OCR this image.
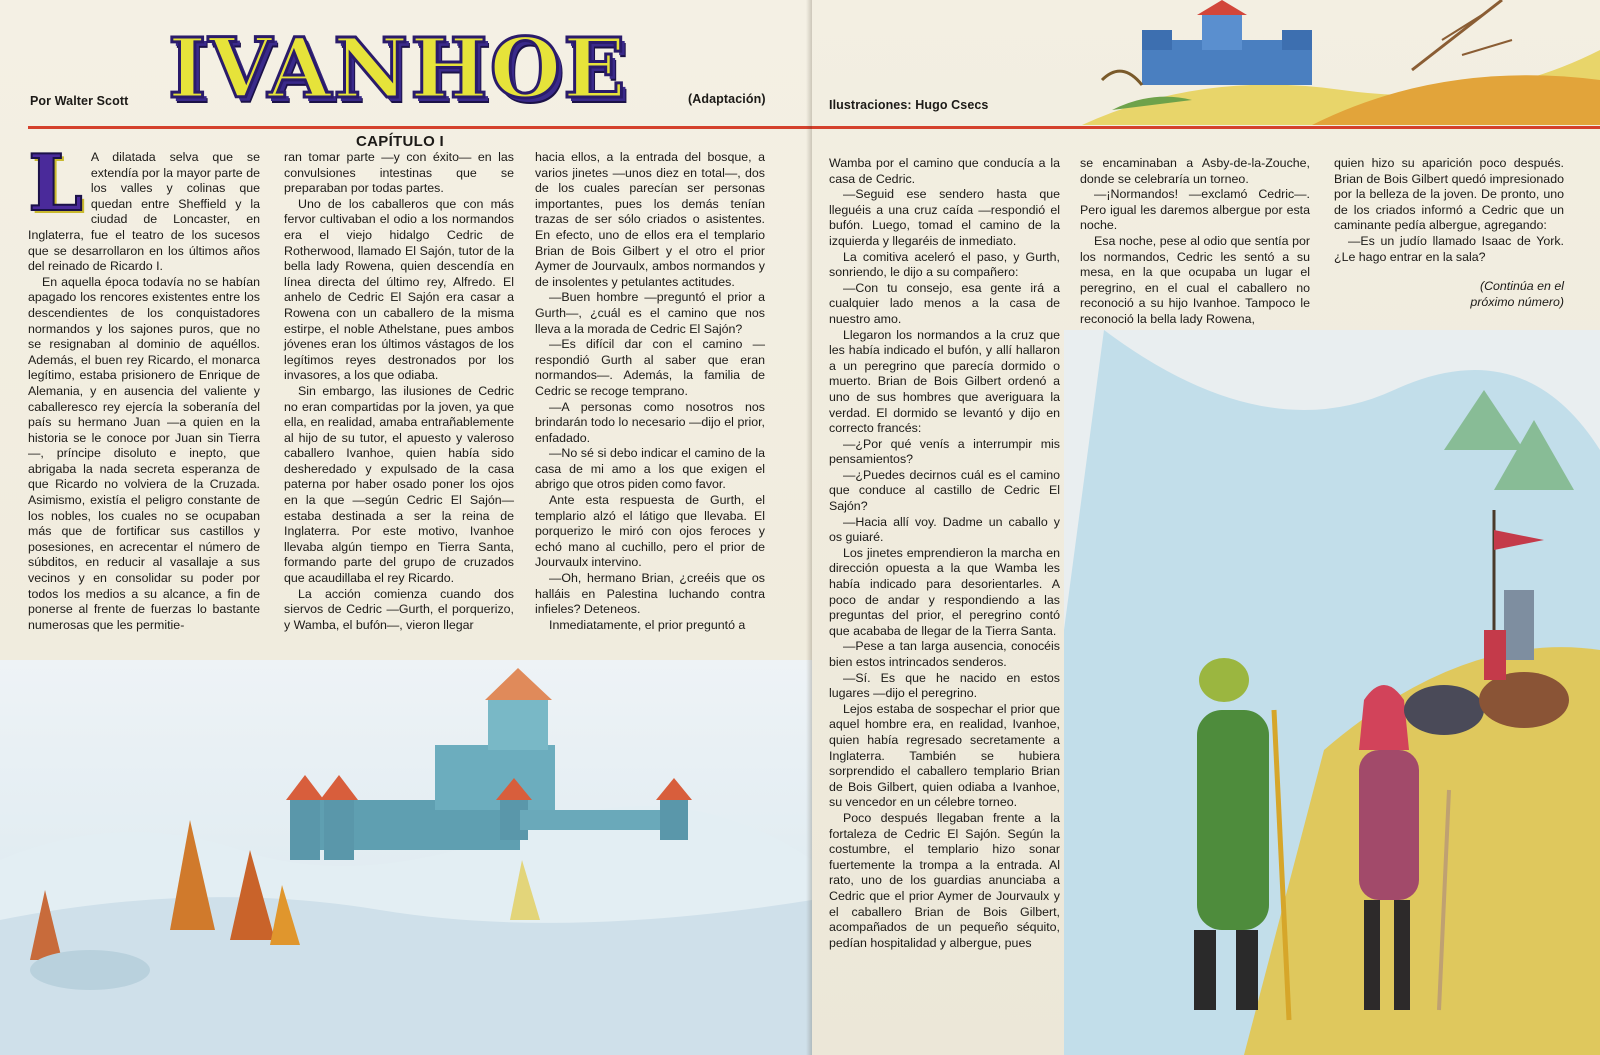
Por Walter Scott IVANHOE	(Adaptación)
CAPÍTULO I

L A dilatada selva que se extendía por la mayor parte de los valles y colinas que quedan entre Sheffield y la ciudad de Loncaster, en Inglaterra, fue el teatro de los sucesos que se desarrollaron en los últimos años del reinado de Ricardo I.

En aquella época todavía no se habían apagado los rencores existentes entre los descendientes de los conquistadores normandos y los sajones puros, que no se resignaban al dominio de aquéllos. Además, el buen rey Ricardo, el monarca legítimo, estaba prisionero de Enrique de Alemania, y en ausencia del valiente y caballeresco rey ejercía la soberanía del país su hermano Juan —a quien en la historia se le conoce por Juan sin Tierra—, príncipe disoluto e inepto, que abrigaba la nada secreta esperanza de que Ricardo no volviera de la Cruzada. Asimismo, existía el peligro constante de los nobles, los cuales no se ocupaban más que de fortificar sus castillos y posesiones, en acrecentar el número de súbditos, en reducir al vasallaje a sus vecinos y en consolidar su poder por todos los medios a su alcance, a fin de ponerse al frente de fuerzas lo bastante numerosas que les permitie-

ran tomar parte —y con éxito— en las convulsiones intestinas que se preparaban por todas partes.

Uno de los caballeros que con más fervor cultivaban el odio a los normandos era el viejo hidalgo Cedric de Rotherwood, llamado El Sajón, tutor de la bella lady Rowena, quien descendía en línea directa del último rey, Alfredo. El anhelo de Cedric El Sajón era casar a Rowena con un caballero de la misma estirpe, el noble Athelstane, pues ambos jóvenes eran los últimos vástagos de los legítimos reyes destronados por los invasores, a los que odiaba.

Sin embargo, las ilusiones de Cedric no eran compartidas por la joven, ya que ella, en realidad, amaba entrañablemente al hijo de su tutor, el apuesto y valeroso caballero Ivanhoe, quien había sido desheredado y expulsado de la casa paterna por haber osado poner los ojos en la que —según Cedric El Sajón— estaba destinada a ser la reina de Inglaterra. Por este motivo, Ivanhoe llevaba algún tiempo en Tierra Santa, formando parte del grupo de cruzados que acaudillaba el rey Ricardo.

La acción comienza cuando dos siervos de Cedric —Gurth, el porquerizo, y Wamba, el bufón—, vieron llegar

hacia ellos, a la entrada del bosque, a varios jinetes —unos diez en total—, dos de los cuales parecían ser personas importantes, pues los demás tenían trazas de ser sólo criados o asistentes. En efecto, uno de ellos era el templario Brian de Bois Gilbert y el otro el prior Aymer de Jourvaulx, ambos normandos y de insolentes y petulantes actitudes.

—Buen hombre —preguntó el prior a Gurth—, ¿cuál es el camino que nos lleva a la morada de Cedric El Sajón?

—Es difícil dar con el camino —respondió Gurth al saber que eran normandos—. Además, la familia de Cedric se recoge temprano.

—A personas como nosotros nos brindarán todo lo necesario —dijo el prior, enfadado.

—No sé si debo indicar el camino de la casa de mi amo a los que exigen el abrigo que otros piden como favor.

Ante esta respuesta de Gurth, el templario alzó el látigo que llevaba. El porquerizo le miró con ojos feroces y echó mano al cuchillo, pero el prior de Jourvaulx intervino.

—Oh, hermano Brian, ¿creéis que os halláis en Palestina luchando contra infieles? Deteneos.

Inmediatamente, el prior preguntó a

Ilustraciones: Hugo Csecs

Wamba por el camino que conducía a la casa de Cedric.

—Seguid ese sendero hasta que lleguéis a una cruz caída —respondió el bufón. Luego, tomad el camino de la izquierda y llegaréis de inmediato.

La comitiva aceleró el paso, y Gurth, sonriendo, le dijo a su compañero:

—Con tu consejo, esa gente irá a cualquier lado menos a la casa de nuestro amo.

Llegaron los normandos a la cruz que les había indicado el bufón, y allí hallaron a un peregrino que parecía dormido o muerto. Brian de Bois Gilbert ordenó a uno de sus hombres que averiguara la verdad. El dormido se levantó y dijo en correcto francés:

—¿Por qué venís a interrumpir mis pensamientos?

—¿Puedes decirnos cuál es el camino que conduce al castillo de Cedric El Sajón?

—Hacia allí voy. Dadme un caballo y os guiaré.

Los jinetes emprendieron la marcha en dirección opuesta a la que Wamba les había indicado para desorientarles. A poco de andar y respondiendo a las preguntas del prior, el peregrino contó que acababa de llegar de la Tierra Santa.

—Pese a tan larga ausencia, conocéis bien estos intrincados senderos.

—Sí. Es que he nacido en estos lugares —dijo el peregrino.

Lejos estaba de sospechar el prior que aquel hombre era, en realidad, Ivanhoe, quien había regresado secretamente a Inglaterra. También se hubiera sorprendido el caballero templario Brian de Bois Gilbert, quien odiaba a Ivanhoe, su vencedor en un célebre torneo.

Poco después llegaban frente a la fortaleza de Cedric El Sajón. Según la costumbre, el templario hizo sonar fuertemente la trompa a la entrada. Al rato, uno de los guardias anunciaba a Cedric que el prior Aymer de Jourvaulx y el caballero Brian de Bois Gilbert, acompañados de un pequeño séquito, pedían hospitalidad y albergue, pues

se encaminaban a Asby-de-la-Zouche, donde se celebraría un torneo.

—¡Normandos! —exclamó Cedric—. Pero igual les daremos albergue por esta noche.

Esa noche, pese al odio que sentía por los normandos, Cedric les sentó a su mesa, en la que ocupaba un lugar el peregrino, en el cual el caballero no reconoció a su hijo Ivanhoe. Tampoco le reconoció la bella lady Rowena,

quien hizo su aparición poco después. Brian de Bois Gilbert quedó impresionado por la belleza de la joven. De pronto, uno de los criados informó a Cedric que un caminante pedía albergue, agregando:

—Es un judío llamado Isaac de York. ¿Le hago entrar en la sala?

(Continúa en el
próximo número)
